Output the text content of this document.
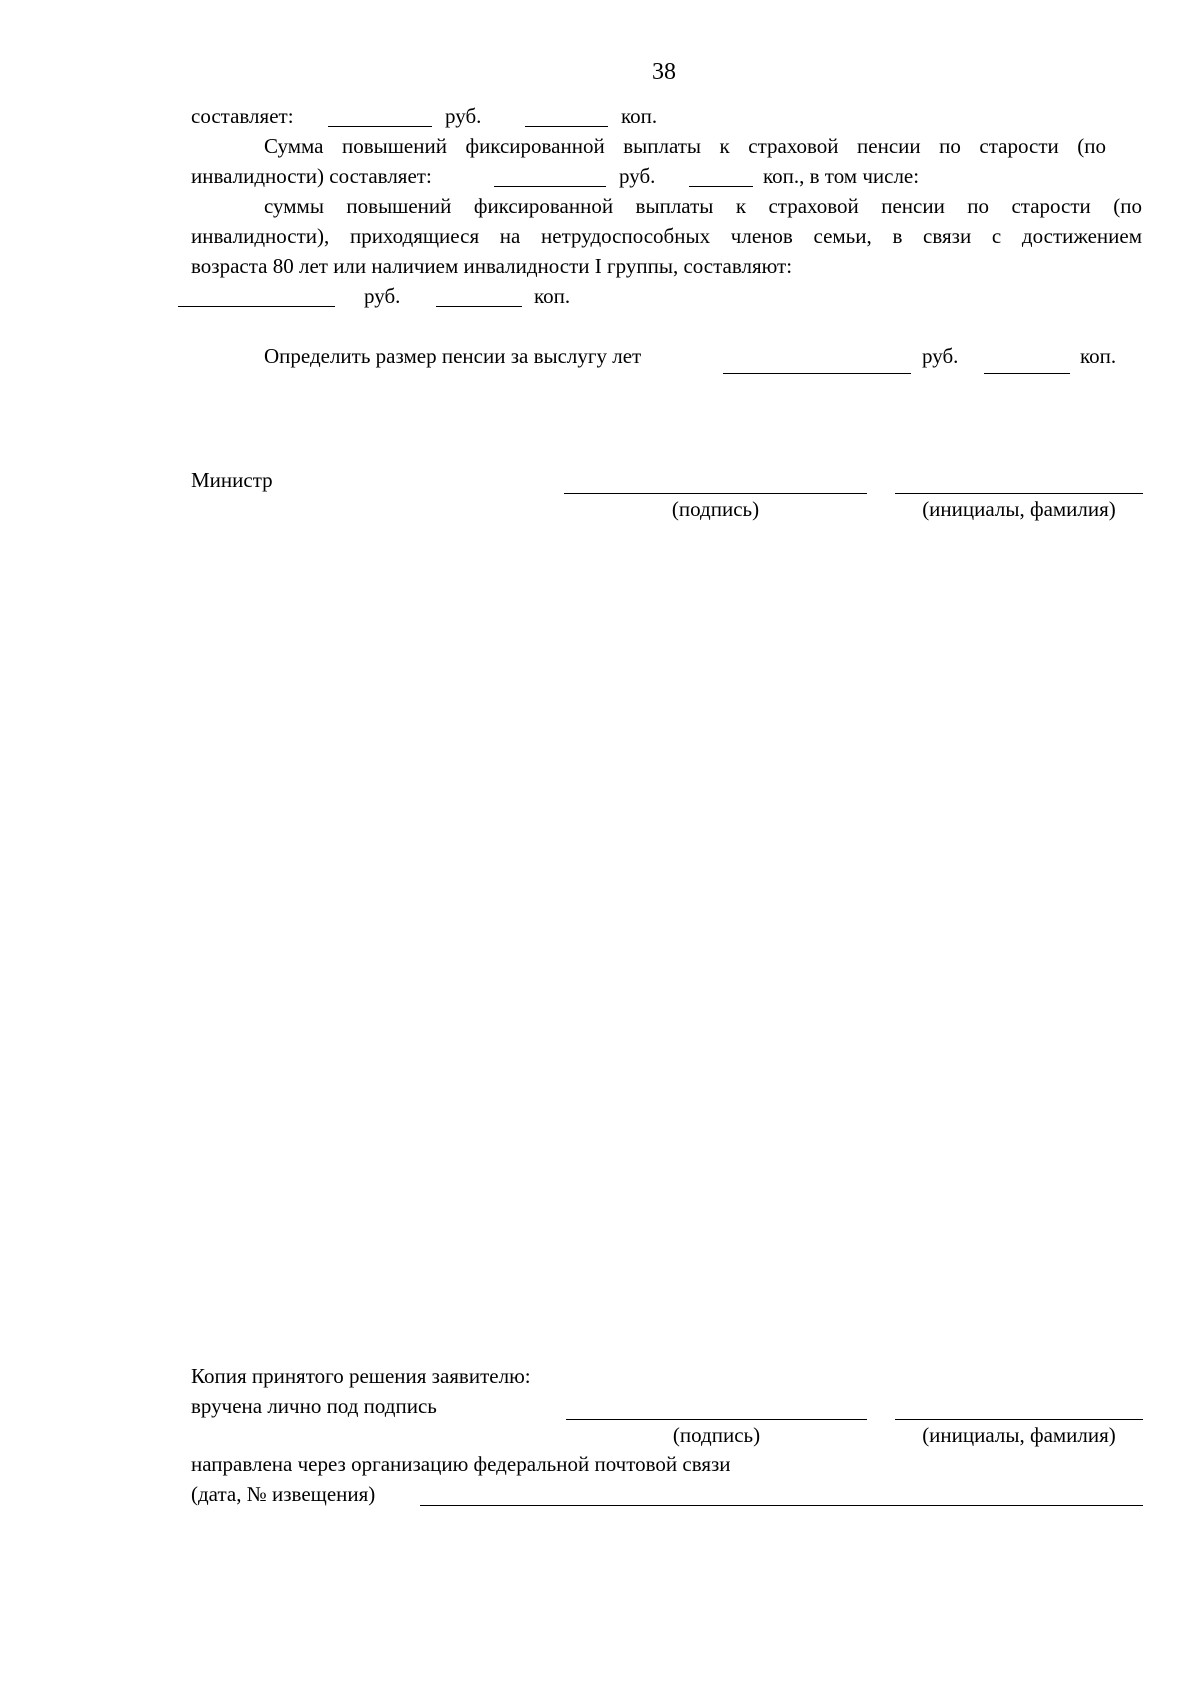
38
составляет:	руб.	коп.
Сумма повышений фиксированной выплаты к страховой пенсии по старости (по
инвалидности) составляет:	руб.	коп., в том числе:
суммы повышений фиксированной выплаты к страховой пенсии по старости (по
инвалидности), приходящиеся на нетрудоспособных членов семьи, в связи с достижением
возраста 80 лет или наличием инвалидности I группы, составляют:
руб.	коп.
Определить размер пенсии за выслугу лет	руб.	коп.
Министр
(подпись)	(инициалы, фамилия)
Копия принятого решения заявителю:
вручена лично под подпись
(подпись)	(инициалы, фамилия)
направлена через организацию федеральной почтовой связи
(дата, № извещения)
